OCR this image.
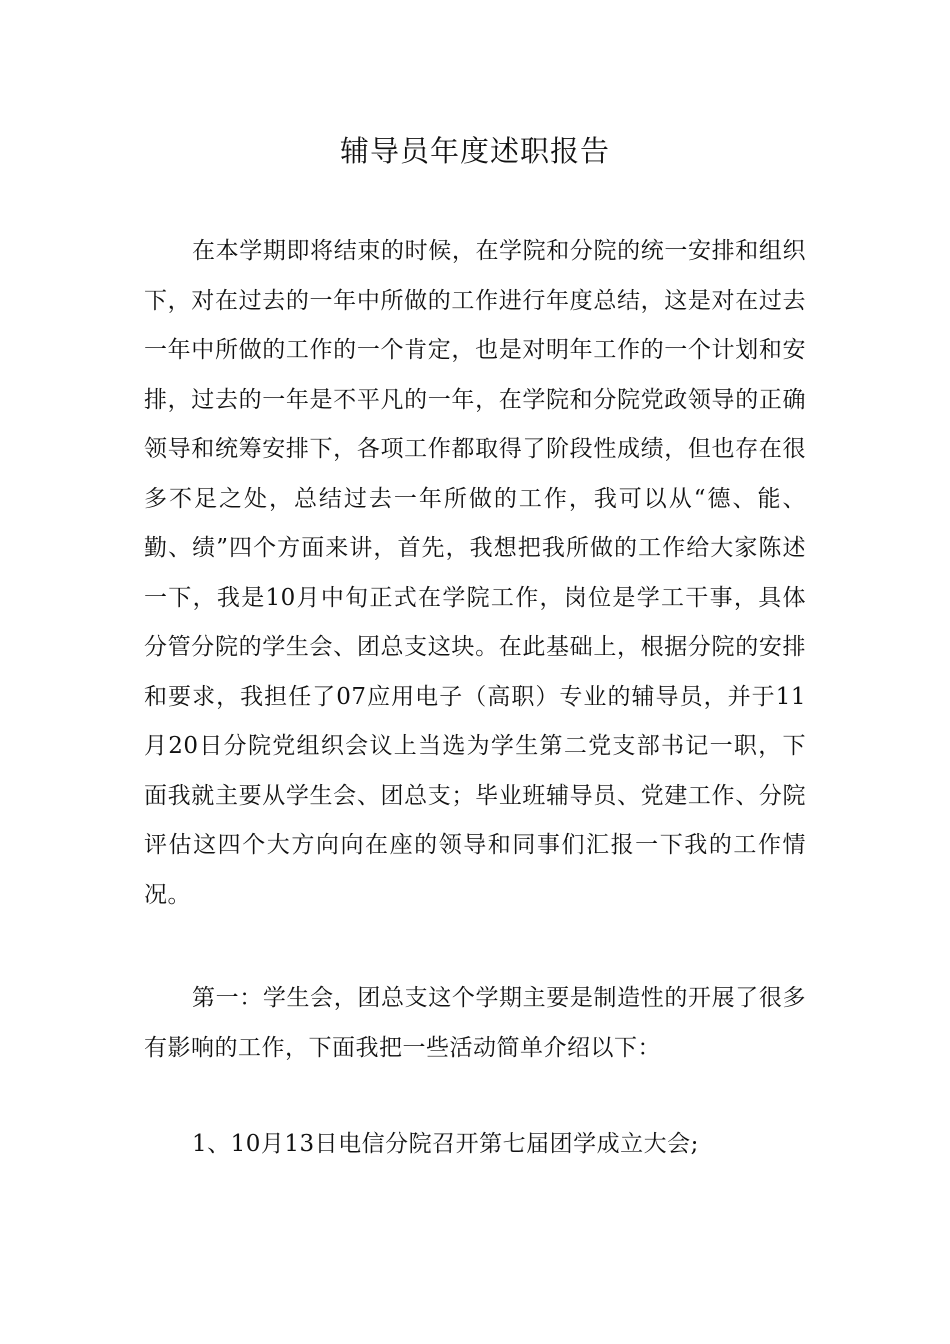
辅导员年度述职报告

在本学期即将结束的时候，在学院和分院的统一安排和组织下，对在过去的一年中所做的工作进行年度总结，这是对在过去一年中所做的工作的一个肯定，也是对明年工作的一个计划和安排，过去的一年是不平凡的一年，在学院和分院党政领导的正确领导和统筹安排下，各项工作都取得了阶段性成绩，但也存在很多不足之处，总结过去一年所做的工作，我可以从“德、能、勤、绩”四个方面来讲，首先，我想把我所做的工作给大家陈述一下，我是10月中旬正式在学院工作，岗位是学工干事，具体分管分院的学生会、团总支这块。在此基础上，根据分院的安排和要求，我担任了07应用电子（高职）专业的辅导员，并于11月20日分院党组织会议上当选为学生第二党支部书记一职，下面我就主要从学生会、团总支；毕业班辅导员、党建工作、分院评估这四个大方向向在座的领导和同事们汇报一下我的工作情况。

第一：学生会，团总支这个学期主要是制造性的开展了很多有影响的工作，下面我把一些活动简单介绍以下：

1、10月13日电信分院召开第七届团学成立大会;
